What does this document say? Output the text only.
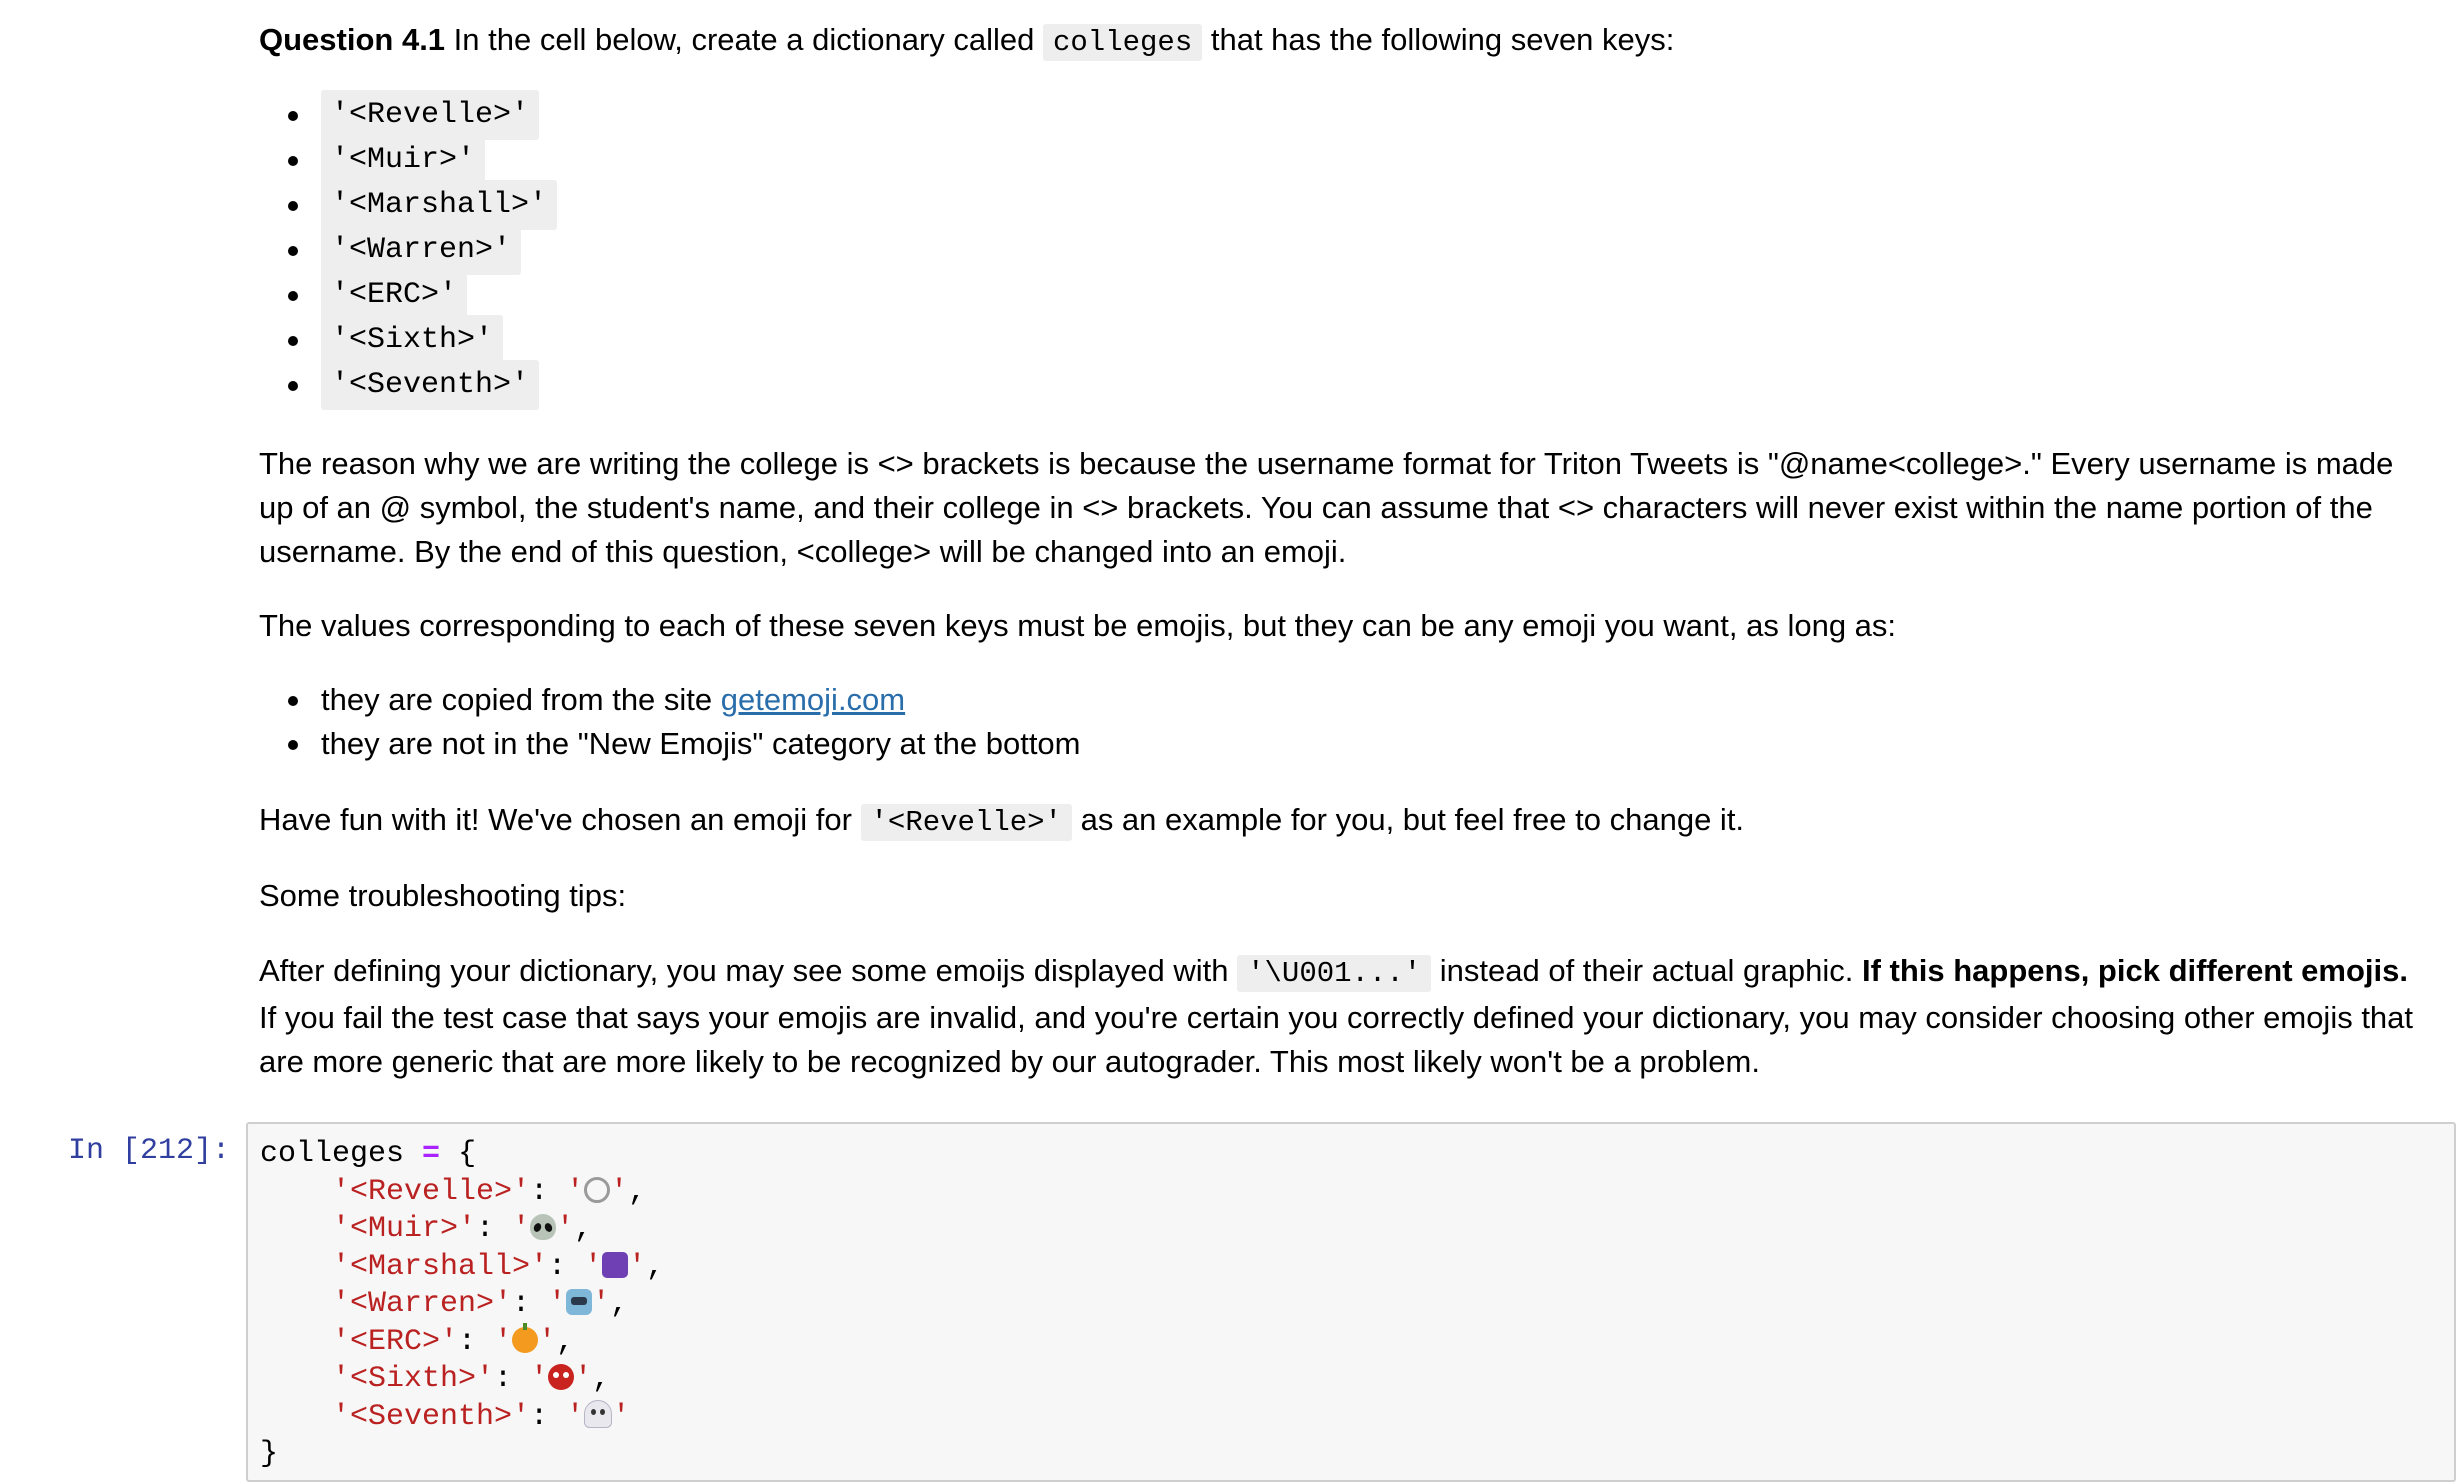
Question 4.1 In the cell below, create a dictionary called colleges that has the following seven keys:

'<Revelle>'
'<Muir>'
'<Marshall>'
'<Warren>'
'<ERC>'
'<Sixth>'
'<Seventh>'

The reason why we are writing the college is <> brackets is because the username format for Triton Tweets is "@name<college>." Every username is made up of an @ symbol, the student's name, and their college in <> brackets. You can assume that <> characters will never exist within the name portion of the username. By the end of this question, <college> will be changed into an emoji.

The values corresponding to each of these seven keys must be emojis, but they can be any emoji you want, as long as:

they are copied from the site getemoji.com
they are not in the "New Emojis" category at the bottom

Have fun with it! We've chosen an emoji for '<Revelle>' as an example for you, but feel free to change it.

Some troubleshooting tips:

After defining your dictionary, you may see some emoijs displayed with '\U001...' instead of their actual graphic. If this happens, pick different emojis. If you fail the test case that says your emojis are invalid, and you're certain you correctly defined your dictionary, you may consider choosing other emojis that are more generic that are more likely to be recognized by our autograder. This most likely won't be a problem.

In [212]: colleges = {
'<Revelle>': ' ',
'<Muir>': ' ',
'<Marshall>': ' ',
'<Warren>': ' ',
'<ERC>': ' ',
'<Sixth>': ' ',
'<Seventh>': ' '
}
